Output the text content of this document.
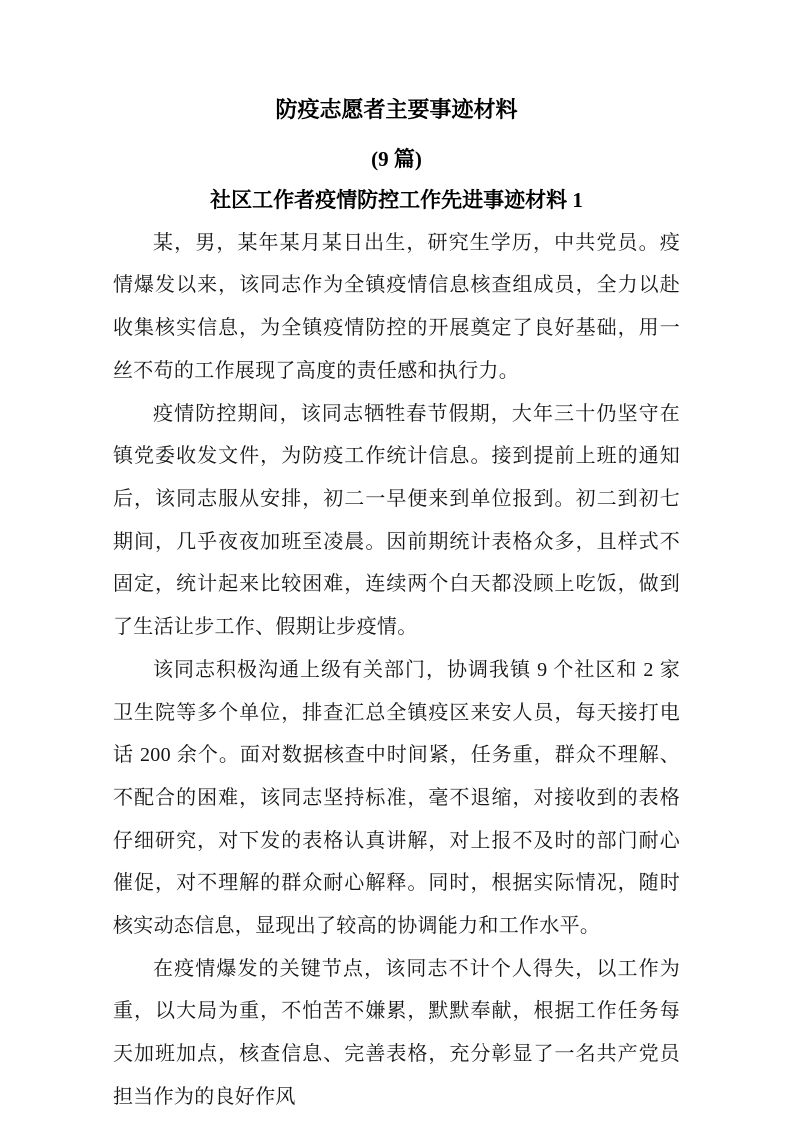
防疫志愿者主要事迹材料
(9 篇)
社区工作者疫情防控工作先进事迹材料 1

某，男，某年某月某日出生，研究生学历，中共党员。疫情爆发以来，该同志作为全镇疫情信息核查组成员，全力以赴收集核实信息，为全镇疫情防控的开展奠定了良好基础，用一丝不苟的工作展现了高度的责任感和执行力。

疫情防控期间，该同志牺牲春节假期，大年三十仍坚守在镇党委收发文件，为防疫工作统计信息。接到提前上班的通知后，该同志服从安排，初二一早便来到单位报到。初二到初七期间，几乎夜夜加班至凌晨。因前期统计表格众多，且样式不固定，统计起来比较困难，连续两个白天都没顾上吃饭，做到了生活让步工作、假期让步疫情。

该同志积极沟通上级有关部门，协调我镇 9 个社区和 2 家卫生院等多个单位，排查汇总全镇疫区来安人员，每天接打电话 200 余个。面对数据核查中时间紧，任务重，群众不理解、不配合的困难，该同志坚持标准，毫不退缩，对接收到的表格仔细研究，对下发的表格认真讲解，对上报不及时的部门耐心催促，对不理解的群众耐心解释。同时，根据实际情况，随时核实动态信息，显现出了较高的协调能力和工作水平。

在疫情爆发的关键节点，该同志不计个人得失，以工作为重，以大局为重，不怕苦不嫌累，默默奉献，根据工作任务每天加班加点，核查信息、完善表格，充分彰显了一名共产党员担当作为的良好作风
